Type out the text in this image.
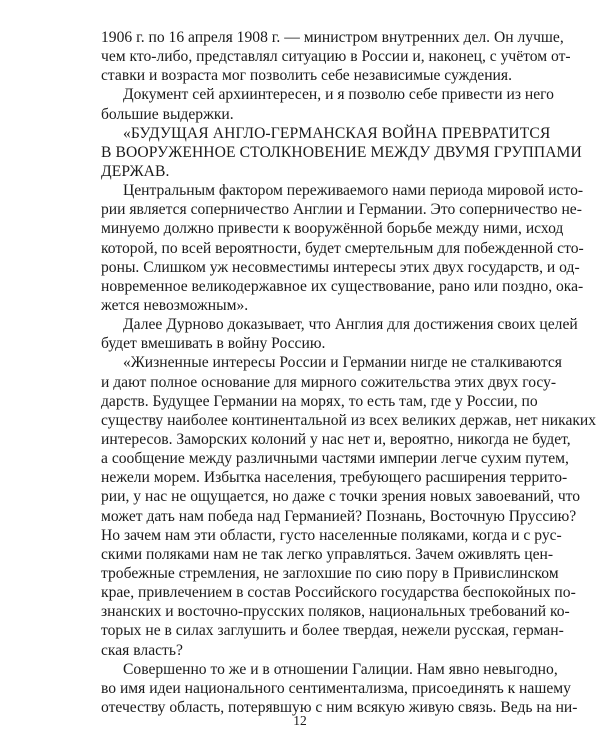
1906 г. по 16 апреля 1908 г. — министром внутренних дел. Он лучше,
чем кто-либо, представлял ситуацию в России и, наконец, с учётом от-
ставки и возраста мог позволить себе независимые суждения.
Документ сей архиинтересен, и я позволю себе привести из него
большие выдержки.
«БУДУЩАЯ АНГЛО-ГЕРМАНСКАЯ ВОЙНА ПРЕВРАТИТСЯ
В ВООРУЖЕННОЕ СТОЛКНОВЕНИЕ МЕЖДУ ДВУМЯ ГРУППАМИ
ДЕРЖАВ.
Центральным фактором переживаемого нами периода мировой исто-
рии является соперничество Англии и Германии. Это соперничество не-
минуемо должно привести к вооружённой борьбе между ними, исход
которой, по всей вероятности, будет смертельным для побежденной сто-
роны. Слишком уж несовместимы интересы этих двух государств, и од-
новременное великодержавное их существование, рано или поздно, ока-
жется невозможным».
Далее Дурново доказывает, что Англия для достижения своих целей
будет вмешивать в войну Россию.
«Жизненные интересы России и Германии нигде не сталкиваются
и дают полное основание для мирного сожительства этих двух госу-
дарств. Будущее Германии на морях, то есть там, где у России, по
существу наиболее континентальной из всех великих держав, нет никаких
интересов. Заморских колоний у нас нет и, вероятно, никогда не будет,
а сообщение между различными частями империи легче сухим путем,
нежели морем. Избытка населения, требующего расширения террито-
рии, у нас не ощущается, но даже с точки зрения новых завоеваний, что
может дать нам победа над Германией? Познань, Восточную Пруссию?
Но зачем нам эти области, густо населенные поляками, когда и с рус-
скими поляками нам не так легко управляться. Зачем оживлять цен-
тробежные стремления, не заглохшие по сию пору в Привислинском
крае, привлечением в состав Российского государства беспокойных по-
знанских и восточно-прусских поляков, национальных требований ко-
торых не в силах заглушить и более твердая, нежели русская, герман-
ская власть?
Совершенно то же и в отношении Галиции. Нам явно невыгодно,
во имя идеи национального сентиментализма, присоединять к нашему
отечеству область, потерявшую с ним всякую живую связь. Ведь на ни-
12
